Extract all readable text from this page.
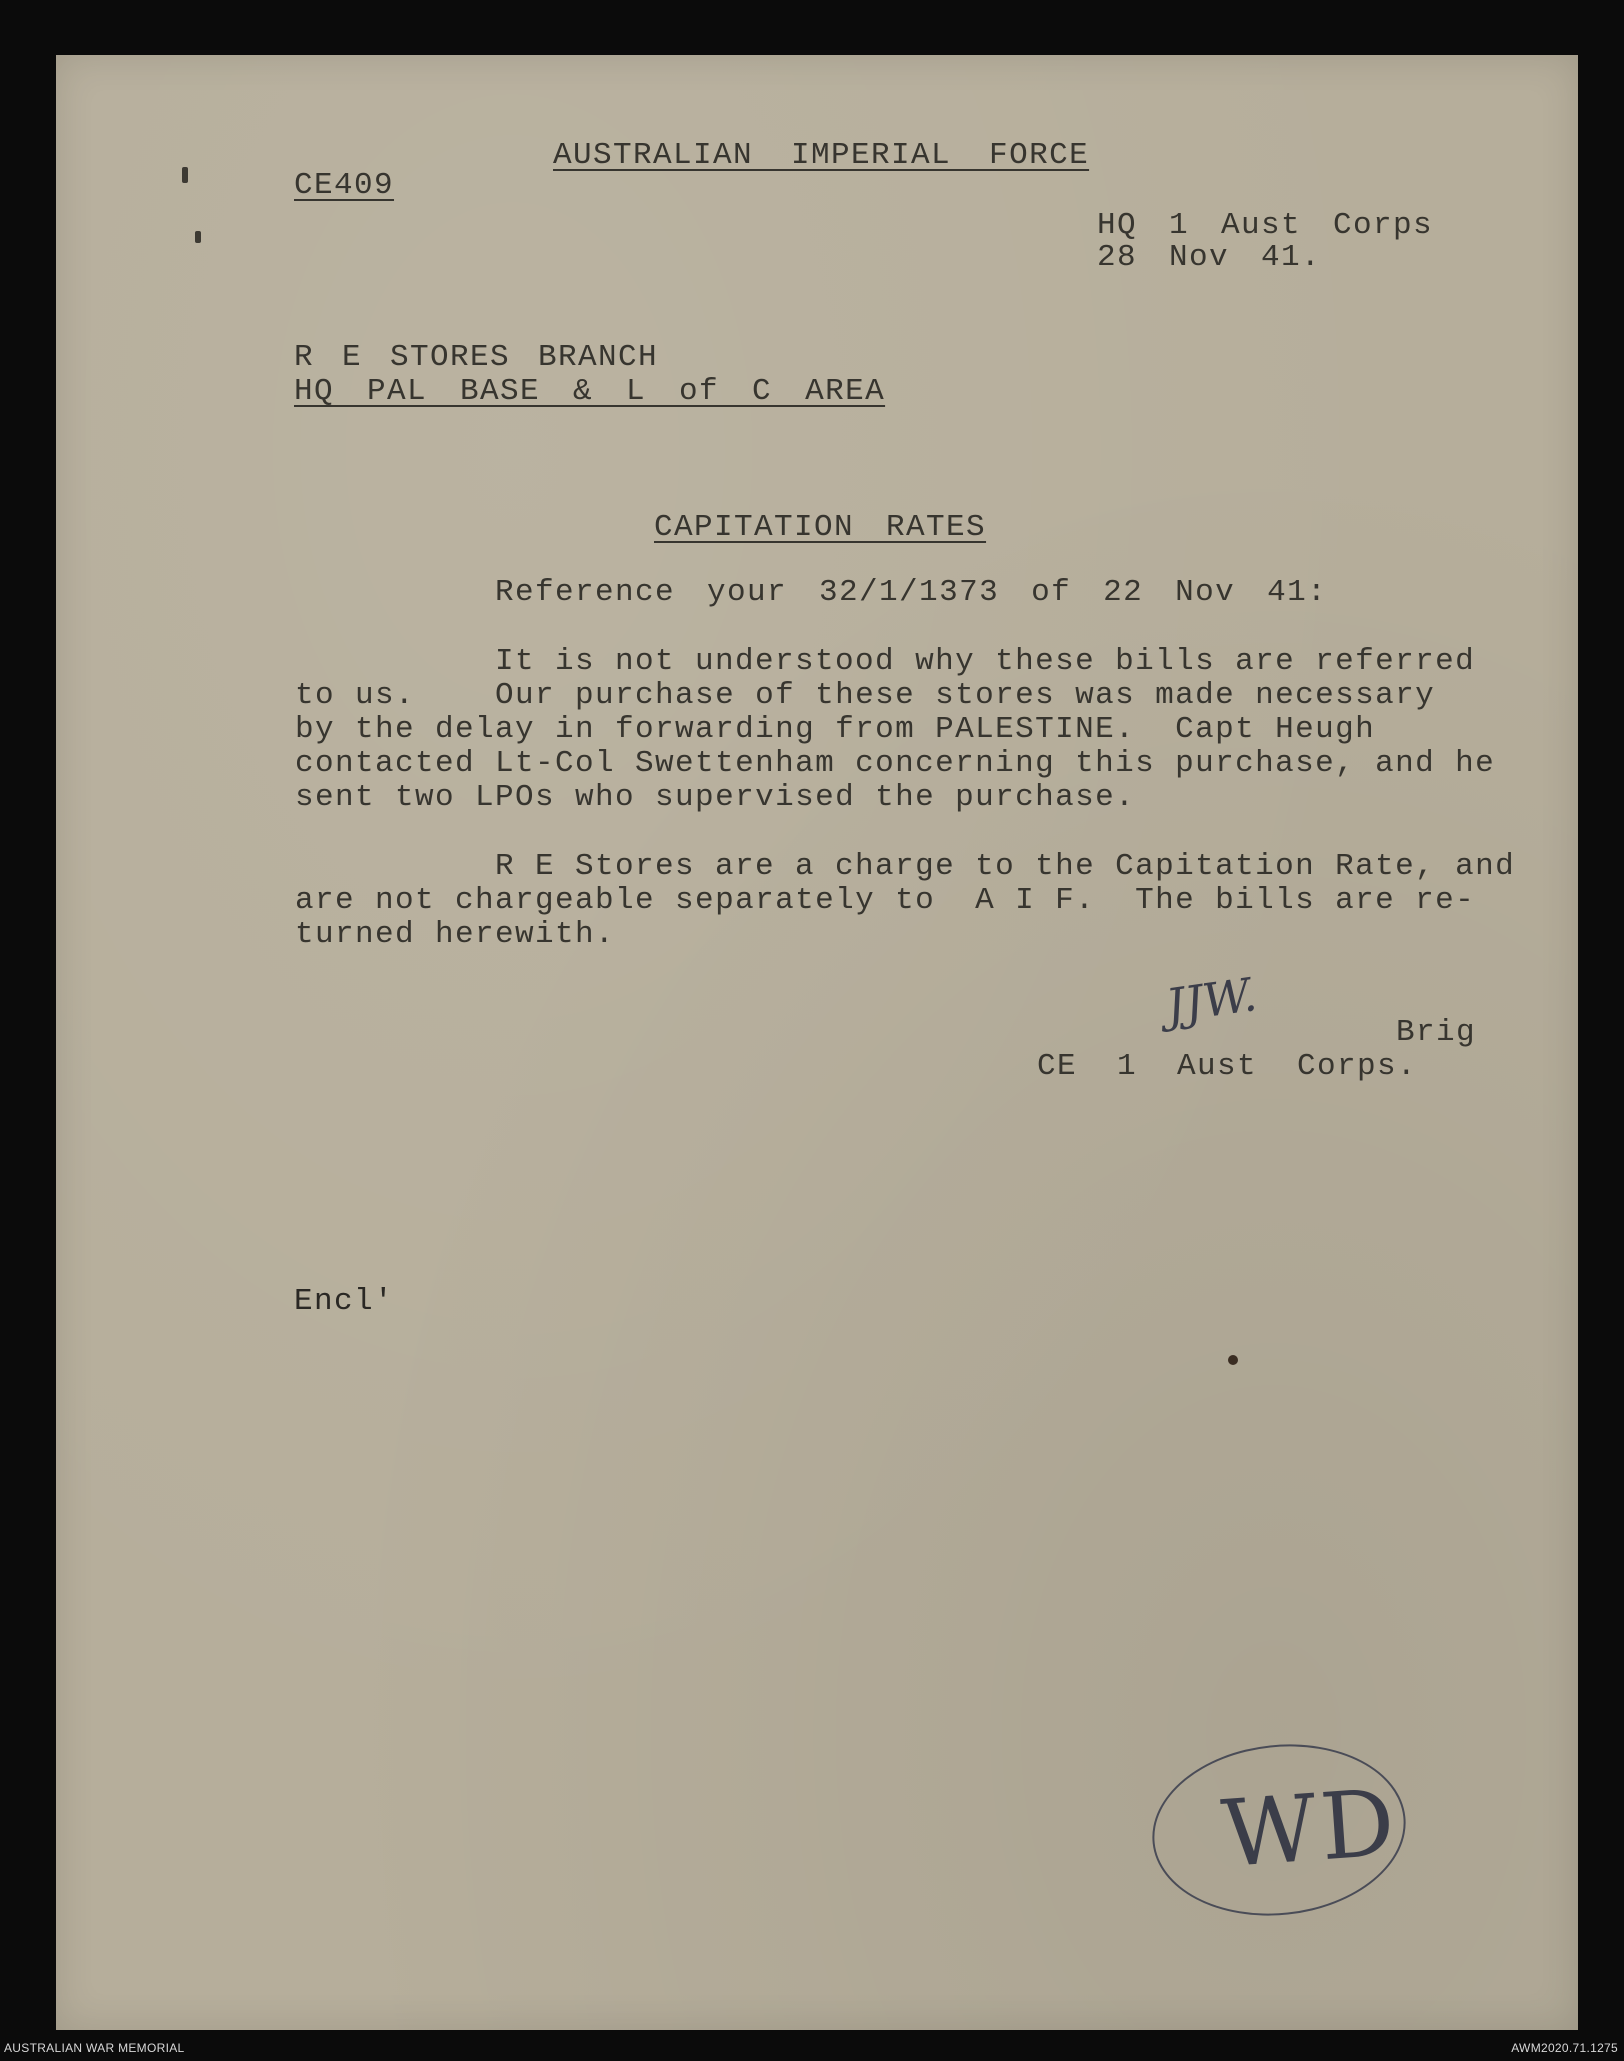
AUSTRALIAN IMPERIAL FORCE
CE409
HQ 1 Aust Corps
28 Nov 41.
R E STORES BRANCH
HQ PAL BASE & L of C AREA
CAPITATION RATES
Reference your 32/1/1373 of 22 Nov 41:
It is not understood why these bills are referred
to us.    Our purchase of these stores was made necessary
by the delay in forwarding from PALESTINE.  Capt Heugh
contacted Lt-Col Swettenham concerning this purchase, and he
sent two LPOs who supervised the purchase.
R E Stores are a charge to the Capitation Rate, and
are not chargeable separately to  A I F.  The bills are re-
turned herewith.
JJW.	Brig
CE  1  Aust  Corps.
Encl'
WD
AUSTRALIAN WAR MEMORIAL	AWM2020.71.1275
